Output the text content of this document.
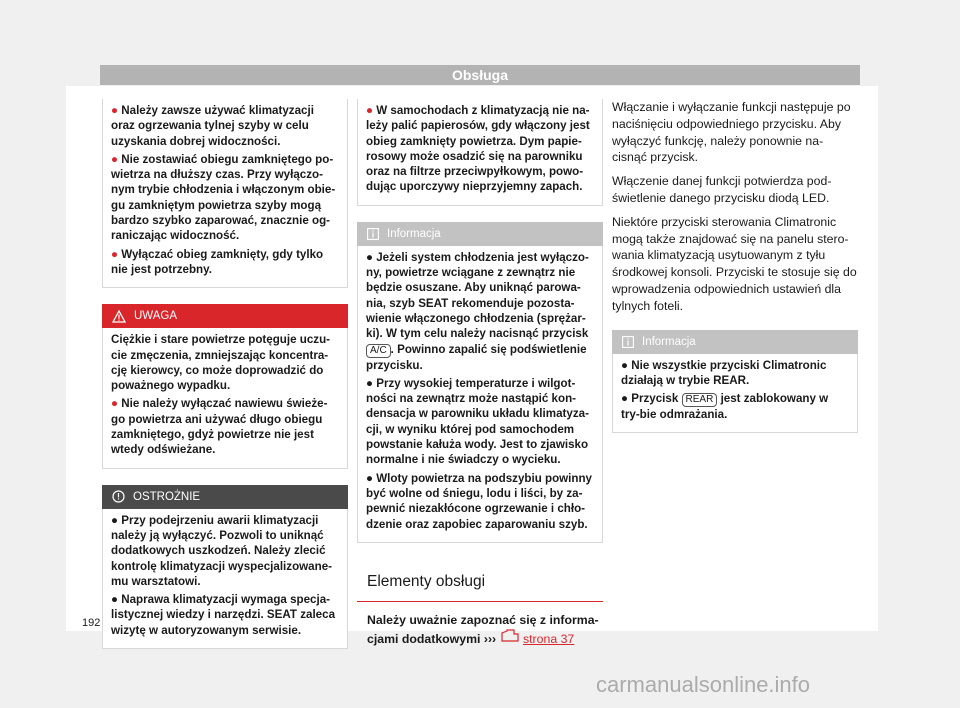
Obsługa

● Należy zawsze używać klimatyzacji oraz ogrzewania tylnej szyby w celu uzyskania dobrej widoczności.

● Nie zostawiać obiegu zamkniętego po-wietrza na dłuższy czas. Przy wyłączo-nym trybie chłodzenia i włączonym obie-gu zamkniętym powietrza szyby mogą bardzo szybko zaparować, znacznie og-raniczając widoczność.

● Wyłączać obieg zamknięty, gdy tylko nie jest potrzebny.

UWAGA

Ciężkie i stare powietrze potęguje uczu-cie zmęczenia, zmniejszając koncentra-cję kierowcy, co może doprowadzić do poważnego wypadku.

● Nie należy wyłączać nawiewu świeże-go powietrza ani używać długo obiegu zamkniętego, gdyż powietrze nie jest wtedy odświeżane.

OSTROŻNIE

● Przy podejrzeniu awarii klimatyzacji należy ją wyłączyć. Pozwoli to uniknąć dodatkowych uszkodzeń. Należy zlecić kontrolę klimatyzacji wyspecjalizowane-mu warsztatowi.

● Naprawa klimatyzacji wymaga specja-listycznej wiedzy i narzędzi. SEAT zaleca wizytę w autoryzowanym serwisie.

● W samochodach z klimatyzacją nie na-leży palić papierosów, gdy włączony jest obieg zamknięty powietrza. Dym papie-rosowy może osadzić się na parowniku oraz na filtrze przeciwpyłkowym, powo-dując uporczywy nieprzyjemny zapach.

Informacja

● Jeżeli system chłodzenia jest wyłączo-ny, powietrze wciągane z zewnątrz nie będzie osuszane. Aby uniknąć parowa-nia, szyb SEAT rekomenduje pozosta-wienie włączonego chłodzenia (sprężar-ki). W tym celu należy nacisnąć przycisk A/C . Powinno zapalić się podświetlenie przycisku.

● Przy wysokiej temperaturze i wilgot-ności na zewnątrz może nastąpić kon-densacja w parowniku układu klimatyza-cji, w wyniku której pod samochodem powstanie kałuża wody. Jest to zjawisko normalne i nie świadczy o wycieku.

● Wloty powietrza na podszybiu powinny być wolne od śniegu, lodu i liści, by za-pewnić niezakłócone ogrzewanie i chło-dzenie oraz zapobiec zaparowaniu szyb.

Elementy obsługi
Należy uważnie zapoznać się z informa-cjami dodatkowymi ››› strona 37

Włączanie i wyłączanie funkcji następuje po naciśnięciu odpowiedniego przycisku. Aby wyłączyć funkcję, należy ponownie na-cisnąć przycisk.

Włączenie danej funkcji potwierdza pod-świetlenie danego przycisku diodą LED.

Niektóre przyciski sterowania Climatronic mogą także znajdować się na panelu stero-wania klimatyzacją usytuowanym z tyłu środkowej konsoli. Przyciski te stosuje się do wprowadzenia odpowiednich ustawień dla tylnych foteli.

Informacja

● Nie wszystkie przyciski Climatronic działają w trybie REAR.

● Przycisk REAR jest zablokowany w try-bie odmrażania.

192
carmanualsonline.info
